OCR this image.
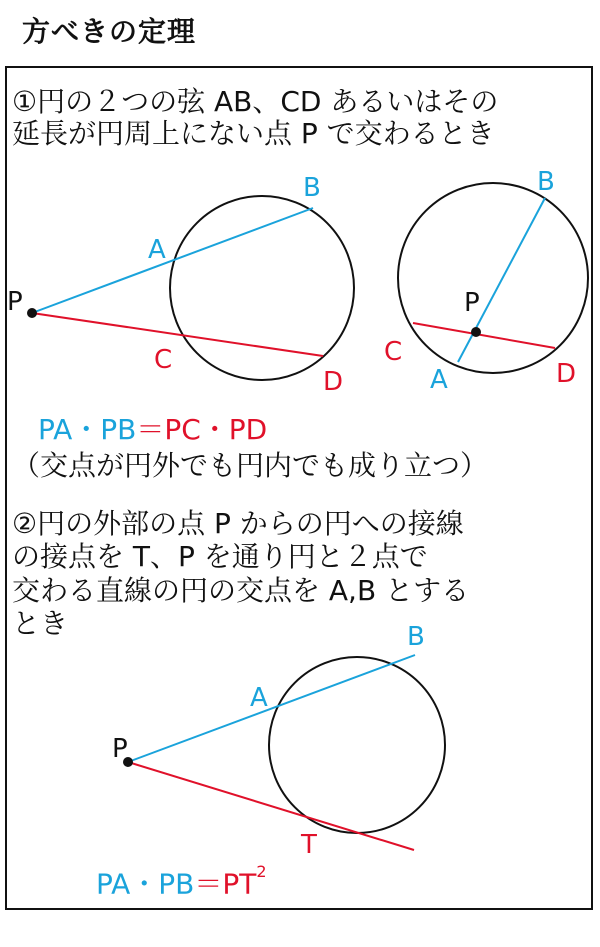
方べきの定理
①円の２つの弦 AB、CD あるいはその
延長が円周上にない点 P で交わるとき
P
A
B
C
D
P
B
A
C
D
P
A
B
T
PA・PB＝PC・PD
（交点が円外でも円内でも成り立つ）
②円の外部の点 P からの円への接線
の接点を T、P を通り円と２点で
交わる直線の円の交点を A,B とする
とき
PA・$PB=PT^2$
